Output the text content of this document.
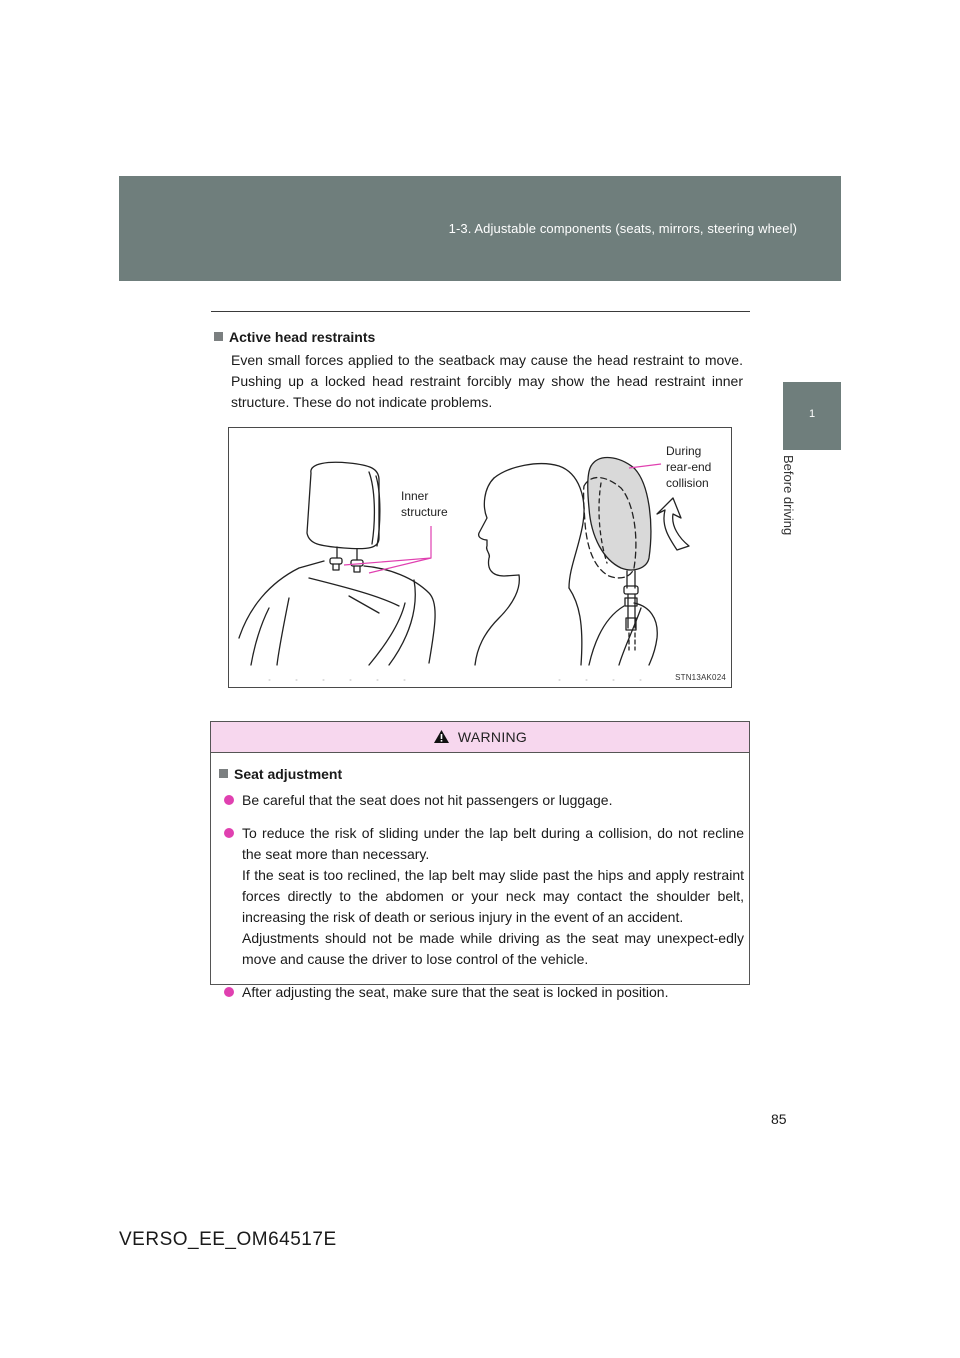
1-3. Adjustable components (seats, mirrors, steering wheel)
1
Before driving
Active head restraints
Even small forces applied to the seatback may cause the head restraint to move. Pushing up a locked head restraint forcibly may show the head restraint inner structure. These do not indicate problems.
Inner structure
During rear-end collision
STN13AK024
WARNING
Seat adjustment
Be careful that the seat does not hit passengers or luggage.
To reduce the risk of sliding under the lap belt during a collision, do not recline the seat more than necessary.
If the seat is too reclined, the lap belt may slide past the hips and apply restraint forces directly to the abdomen or your neck may contact the shoulder belt, increasing the risk of death or serious injury in the event of an accident.
Adjustments should not be made while driving as the seat may unexpect-edly move and cause the driver to lose control of the vehicle.
After adjusting the seat, make sure that the seat is locked in position.
85
VERSO_EE_OM64517E
